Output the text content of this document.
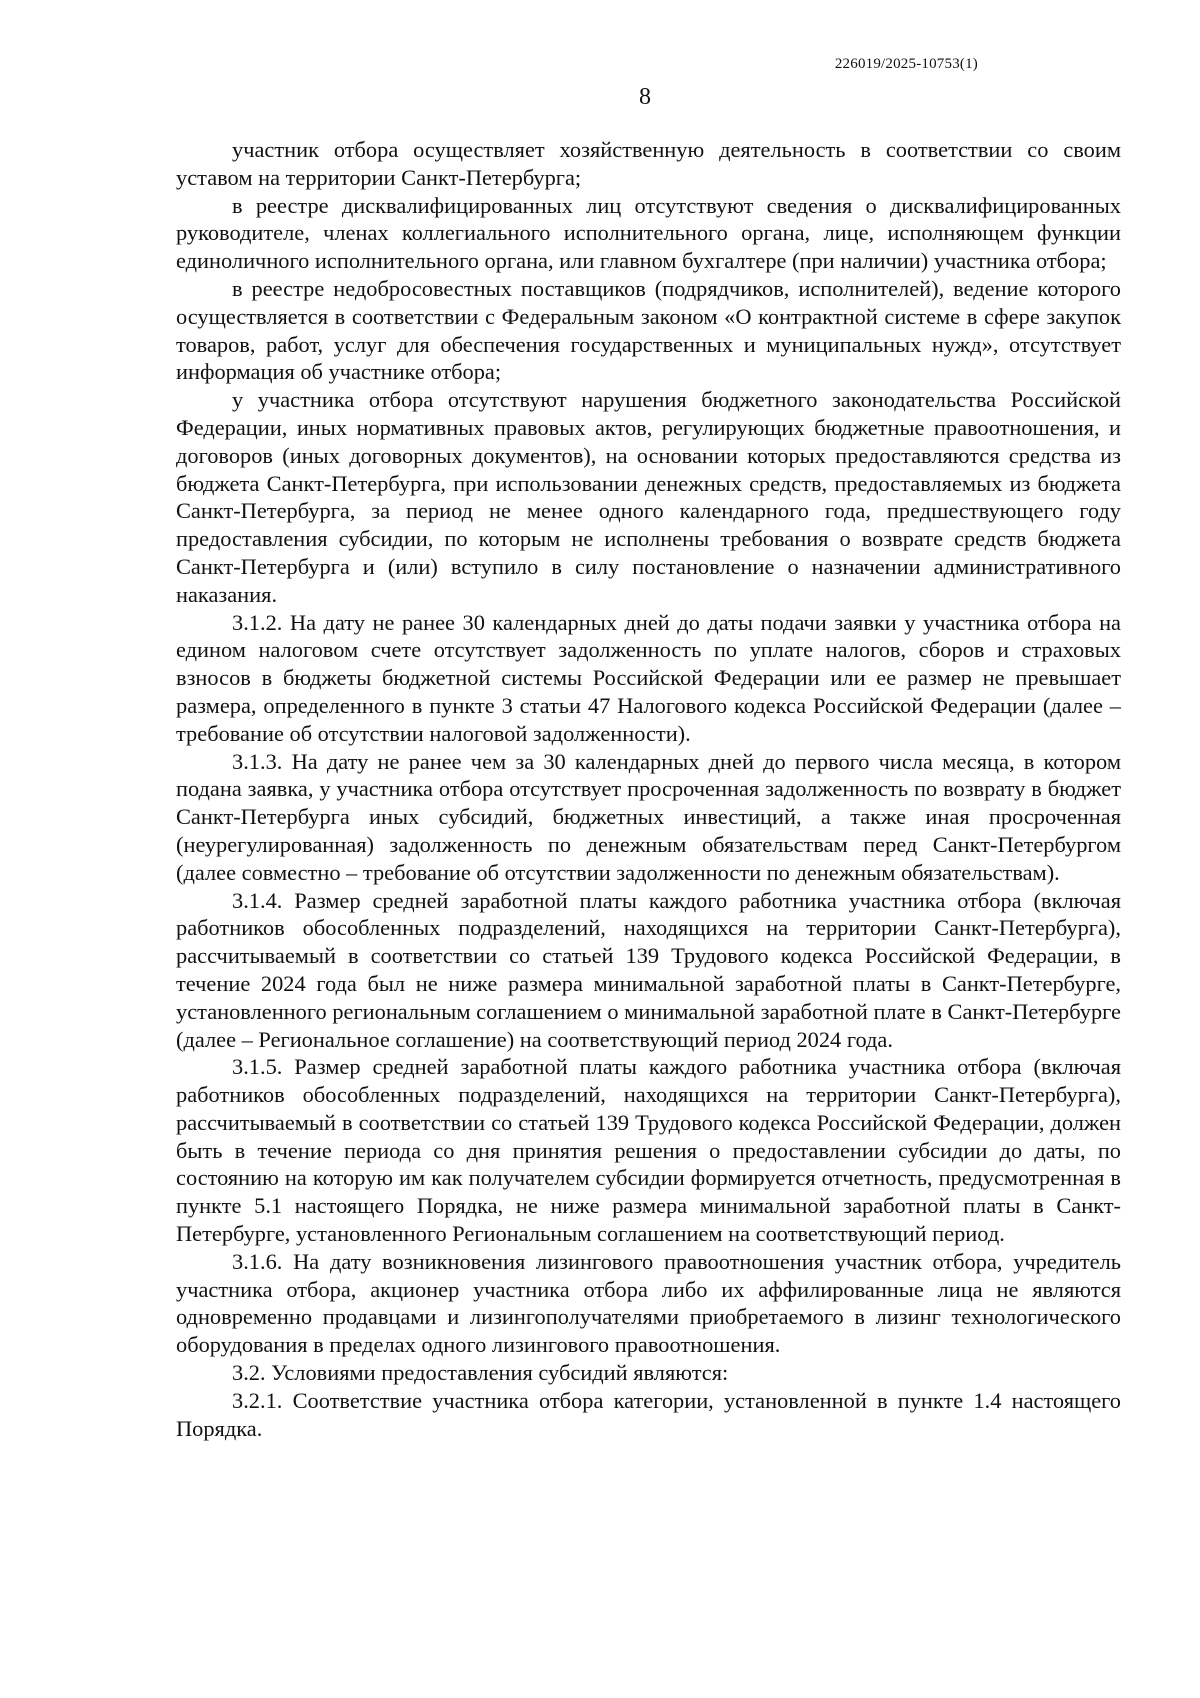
226019/2025-10753(1)
8

участник отбора осуществляет хозяйственную деятельность в соответствии со своим уставом на территории Санкт-Петербурга;

в реестре дисквалифицированных лиц отсутствуют сведения о дисквалифицированных руководителе, членах коллегиального исполнительного органа, лице, исполняющем функции единоличного исполнительного органа, или главном бухгалтере (при наличии) участника отбора;

в реестре недобросовестных поставщиков (подрядчиков, исполнителей), ведение которого осуществляется в соответствии с Федеральным законом «О контрактной системе в сфере закупок товаров, работ, услуг для обеспечения государственных и муниципальных нужд», отсутствует информация об участнике отбора;

у участника отбора отсутствуют нарушения бюджетного законодательства Российской Федерации, иных нормативных правовых актов, регулирующих бюджетные правоотношения, и договоров (иных договорных документов), на основании которых предоставляются средства из бюджета Санкт-Петербурга, при использовании денежных средств, предоставляемых из бюджета Санкт-Петербурга, за период не менее одного календарного года, предшествующего году предоставления субсидии, по которым не исполнены требования о возврате средств бюджета Санкт-Петербурга и (или) вступило в силу постановление о назначении административного наказания.

3.1.2. На дату не ранее 30 календарных дней до даты подачи заявки у участника отбора на едином налоговом счете отсутствует задолженность по уплате налогов, сборов и страховых взносов в бюджеты бюджетной системы Российской Федерации или ее размер не превышает размера, определенного в пункте 3 статьи 47 Налогового кодекса Российской Федерации (далее – требование об отсутствии налоговой задолженности).

3.1.3. На дату не ранее чем за 30 календарных дней до первого числа месяца, в котором подана заявка, у участника отбора отсутствует просроченная задолженность по возврату в бюджет Санкт-Петербурга иных субсидий, бюджетных инвестиций, а также иная просроченная (неурегулированная) задолженность по денежным обязательствам перед Санкт-Петербургом (далее совместно – требование об отсутствии задолженности по денежным обязательствам).

3.1.4. Размер средней заработной платы каждого работника участника отбора (включая работников обособленных подразделений, находящихся на территории Санкт-Петербурга), рассчитываемый в соответствии со статьей 139 Трудового кодекса Российской Федерации, в течение 2024 года был не ниже размера минимальной заработной платы в Санкт-Петербурге, установленного региональным соглашением о минимальной заработной плате в Санкт-Петербурге (далее – Региональное соглашение) на соответствующий период 2024 года.

3.1.5. Размер средней заработной платы каждого работника участника отбора (включая работников обособленных подразделений, находящихся на территории Санкт-Петербурга), рассчитываемый в соответствии со статьей 139 Трудового кодекса Российской Федерации, должен быть в течение периода со дня принятия решения о предоставлении субсидии до даты, по состоянию на которую им как получателем субсидии формируется отчетность, предусмотренная в пункте 5.1 настоящего Порядка, не ниже размера минимальной заработной платы в Санкт-Петербурге, установленного Региональным соглашением на соответствующий период.

3.1.6. На дату возникновения лизингового правоотношения участник отбора, учредитель участника отбора, акционер участника отбора либо их аффилированные лица не являются одновременно продавцами и лизингополучателями приобретаемого в лизинг технологического оборудования в пределах одного лизингового правоотношения.

3.2. Условиями предоставления субсидий являются:

3.2.1. Соответствие участника отбора категории, установленной в пункте 1.4 настоящего Порядка.
